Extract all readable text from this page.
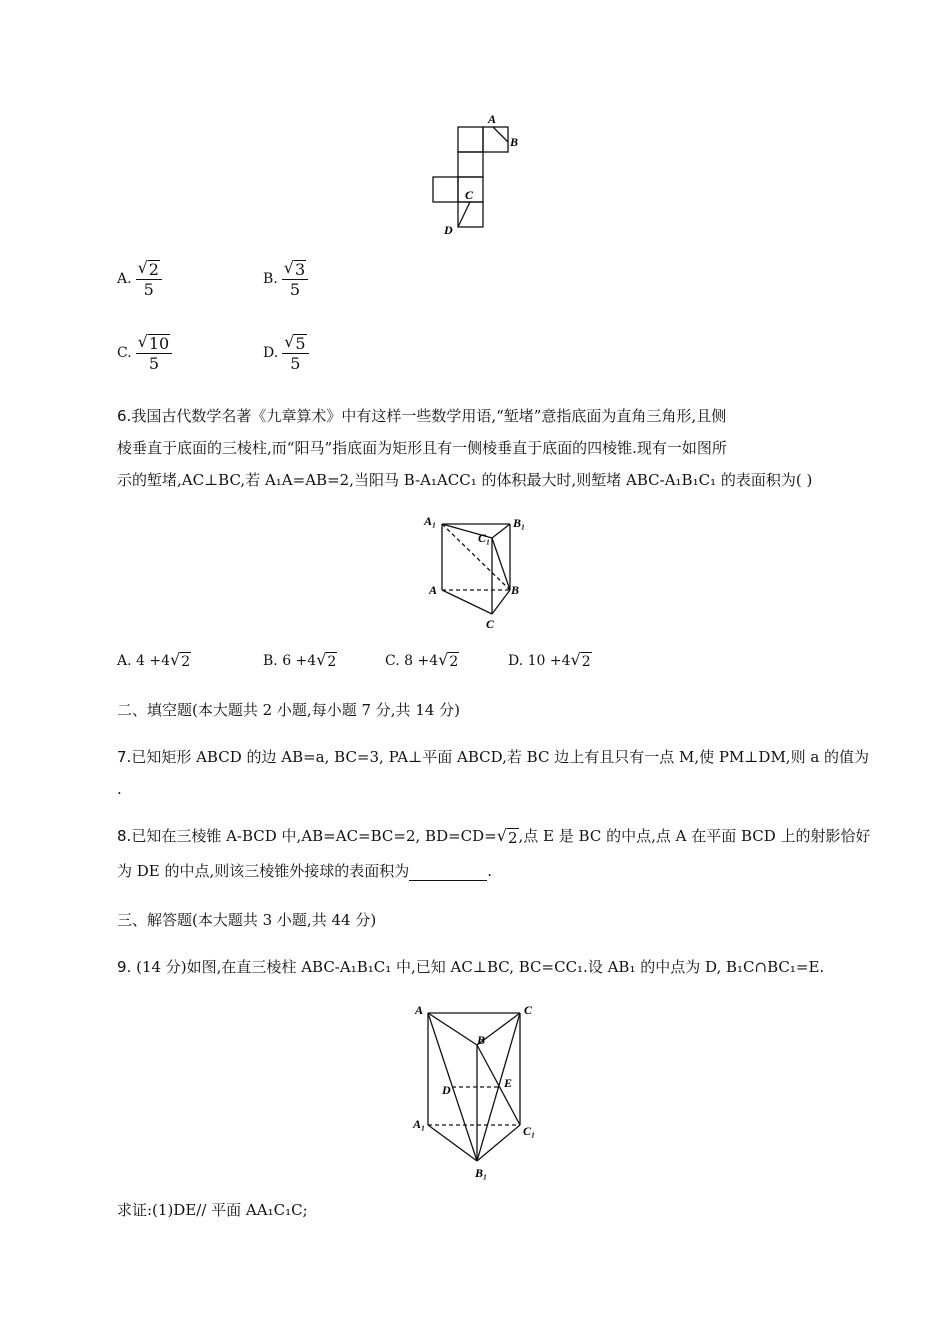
A
B
C
D
A. $\frac{√ 2}{5}$	B. $\frac{√ 3}{5}$
C. $\frac{√ 10}{5}$	D. $\frac{√ 5}{5}$
6.我国古代数学名著《九章算术》中有这样一些数学用语,“堑堵”意指底面为直角三角形,且侧
棱垂直于底面的三棱柱,而“阳马”指底面为矩形且有一侧棱垂直于底面的四棱锥.现有一如图所
示的堑堵,AC⊥BC,若 A₁A=AB=2,当阳马 B-A₁ACC₁ 的体积最大时,则堑堵 ABC-A₁B₁C₁ 的表面积为( )
A₁	B₁
C₁
A	B
C
A.
4 +4 √ 2	B.
6 +4 √ 2	C.
8 +4 √ 2	D.
10 +4 √ 2
二、填空题(本大题共 2 小题,每小题 7 分,共 14 分)
7.已知矩形 ABCD 的边 AB=a, BC=3, PA⊥平面 ABCD,若 BC 边上有且只有一点 M,使 PM⊥DM,则 a 的值为
.
8.已知在三棱锥 A-BCD 中,AB=AC=BC=2, BD=CD= √ 2 ,点 E 是 BC 的中点,点 A 在平面 BCD 上的射影恰好
为 DE 的中点,则该三棱锥外接球的表面积为	.
三、解答题(本大题共 3 小题,共 44 分)
9. (14 分)如图,在直三棱柱 ABC-A₁B₁C₁ 中,已知 AC⊥BC, BC=CC₁.设 AB₁ 的中点为 D, B₁C∩BC₁=E.
A	C
B
D	E
A₁	C₁
B₁
求证:(1)DE// 平面 AA₁C₁C;
